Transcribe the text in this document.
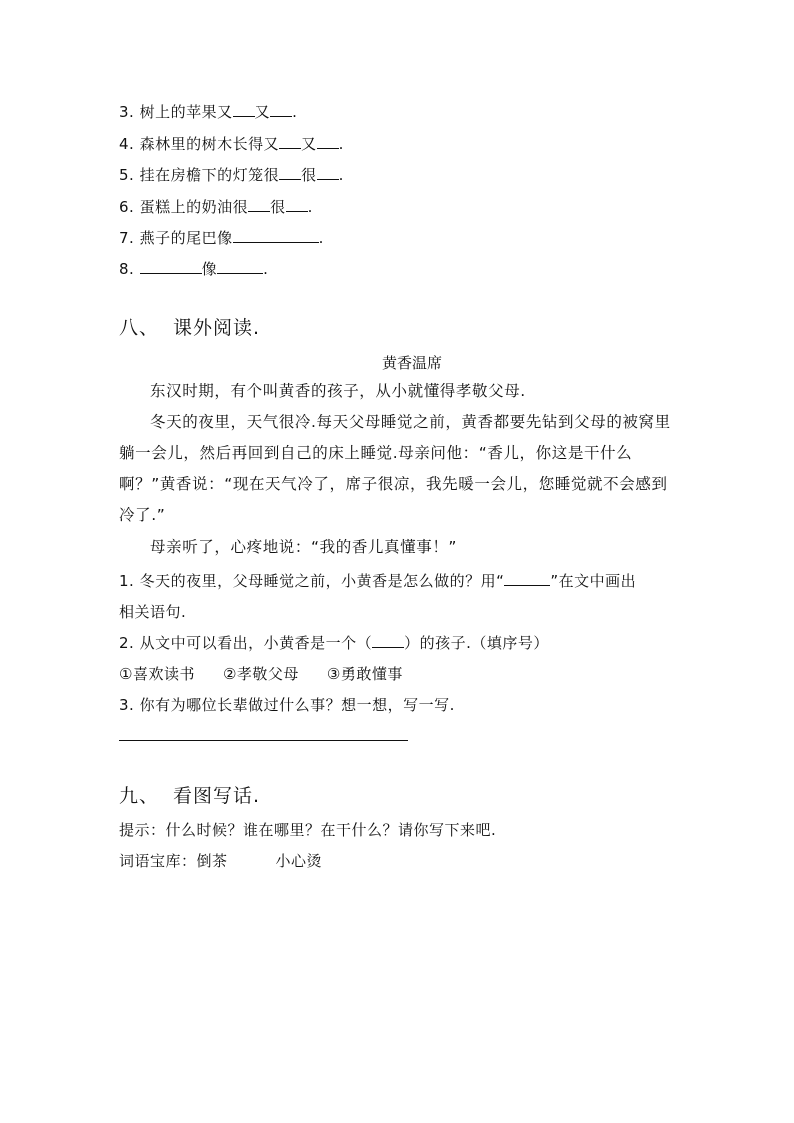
3. 树上的苹果又 又 .
4. 森林里的树木长得又 又 .
5. 挂在房檐下的灯笼很 很 .
6. 蛋糕上的奶油很 很 .
7. 燕子的尾巴像	.
8.	像	.
八、 课外阅读.
黄香温席
东汉时期，有个叫黄香的孩子，从小就懂得孝敬父母.
冬天的夜里，天气很冷.每天父母睡觉之前，黄香都要先钻到父母的被窝里躺一会儿，然后再回到自己的床上睡觉.母亲问他：“香儿，你这是干什么啊？”黄香说：“现在天气冷了，席子很凉，我先暖一会儿，您睡觉就不会感到冷了.”
母亲听了，心疼地说：“我的香儿真懂事！”
1. 冬天的夜里，父母睡觉之前，小黄香是怎么做的？用“	”在文中画出
相关语句.
2. 从文中可以看出，小黄香是一个（ ）的孩子.（填序号）
①喜欢读书 ②孝敬父母 ③勇敢懂事
3. 你有为哪位长辈做过什么事？想一想，写一写.
九、 看图写话.
提示：什么时候？谁在哪里？在干什么？请你写下来吧.
词语宝库：倒茶	小心烫
